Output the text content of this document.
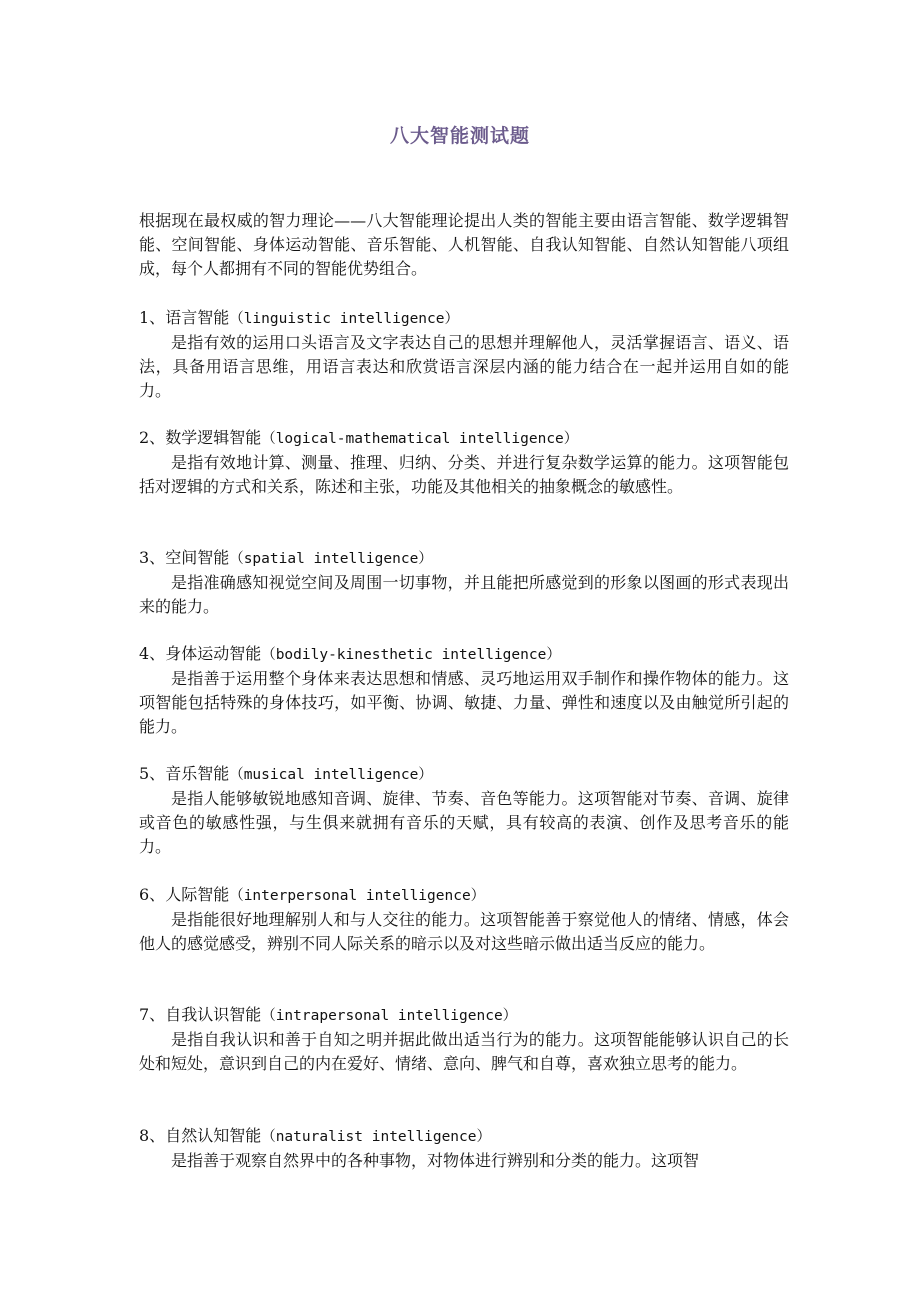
八大智能测试题
根据现在最权威的智力理论——八大智能理论提出人类的智能主要由语言智能、数学逻辑智能、空间智能、身体运动智能、音乐智能、人机智能、自我认知智能、自然认知智能八项组成，每个人都拥有不同的智能优势组合。
1、语言智能（linguistic intelligence）
是指有效的运用口头语言及文字表达自己的思想并理解他人，灵活掌握语言、语义、语法，具备用语言思维，用语言表达和欣赏语言深层内涵的能力结合在一起并运用自如的能力。
2、数学逻辑智能（logical-mathematical intelligence）
是指有效地计算、测量、推理、归纳、分类、并进行复杂数学运算的能力。这项智能包括对逻辑的方式和关系，陈述和主张，功能及其他相关的抽象概念的敏感性。
3、空间智能（spatial intelligence）
是指准确感知视觉空间及周围一切事物，并且能把所感觉到的形象以图画的形式表现出来的能力。
4、身体运动智能（bodily-kinesthetic intelligence）
是指善于运用整个身体来表达思想和情感、灵巧地运用双手制作和操作物体的能力。这项智能包括特殊的身体技巧，如平衡、协调、敏捷、力量、弹性和速度以及由触觉所引起的能力。
5、音乐智能（musical intelligence）
是指人能够敏锐地感知音调、旋律、节奏、音色等能力。这项智能对节奏、音调、旋律或音色的敏感性强，与生俱来就拥有音乐的天赋，具有较高的表演、创作及思考音乐的能力。
6、人际智能（interpersonal intelligence）
是指能很好地理解别人和与人交往的能力。这项智能善于察觉他人的情绪、情感，体会他人的感觉感受，辨别不同人际关系的暗示以及对这些暗示做出适当反应的能力。
7、自我认识智能（intrapersonal intelligence）
是指自我认识和善于自知之明并据此做出适当行为的能力。这项智能能够认识自己的长处和短处，意识到自己的内在爱好、情绪、意向、脾气和自尊，喜欢独立思考的能力。
8、自然认知智能（naturalist intelligence）
是指善于观察自然界中的各种事物，对物体进行辨别和分类的能力。这项智
